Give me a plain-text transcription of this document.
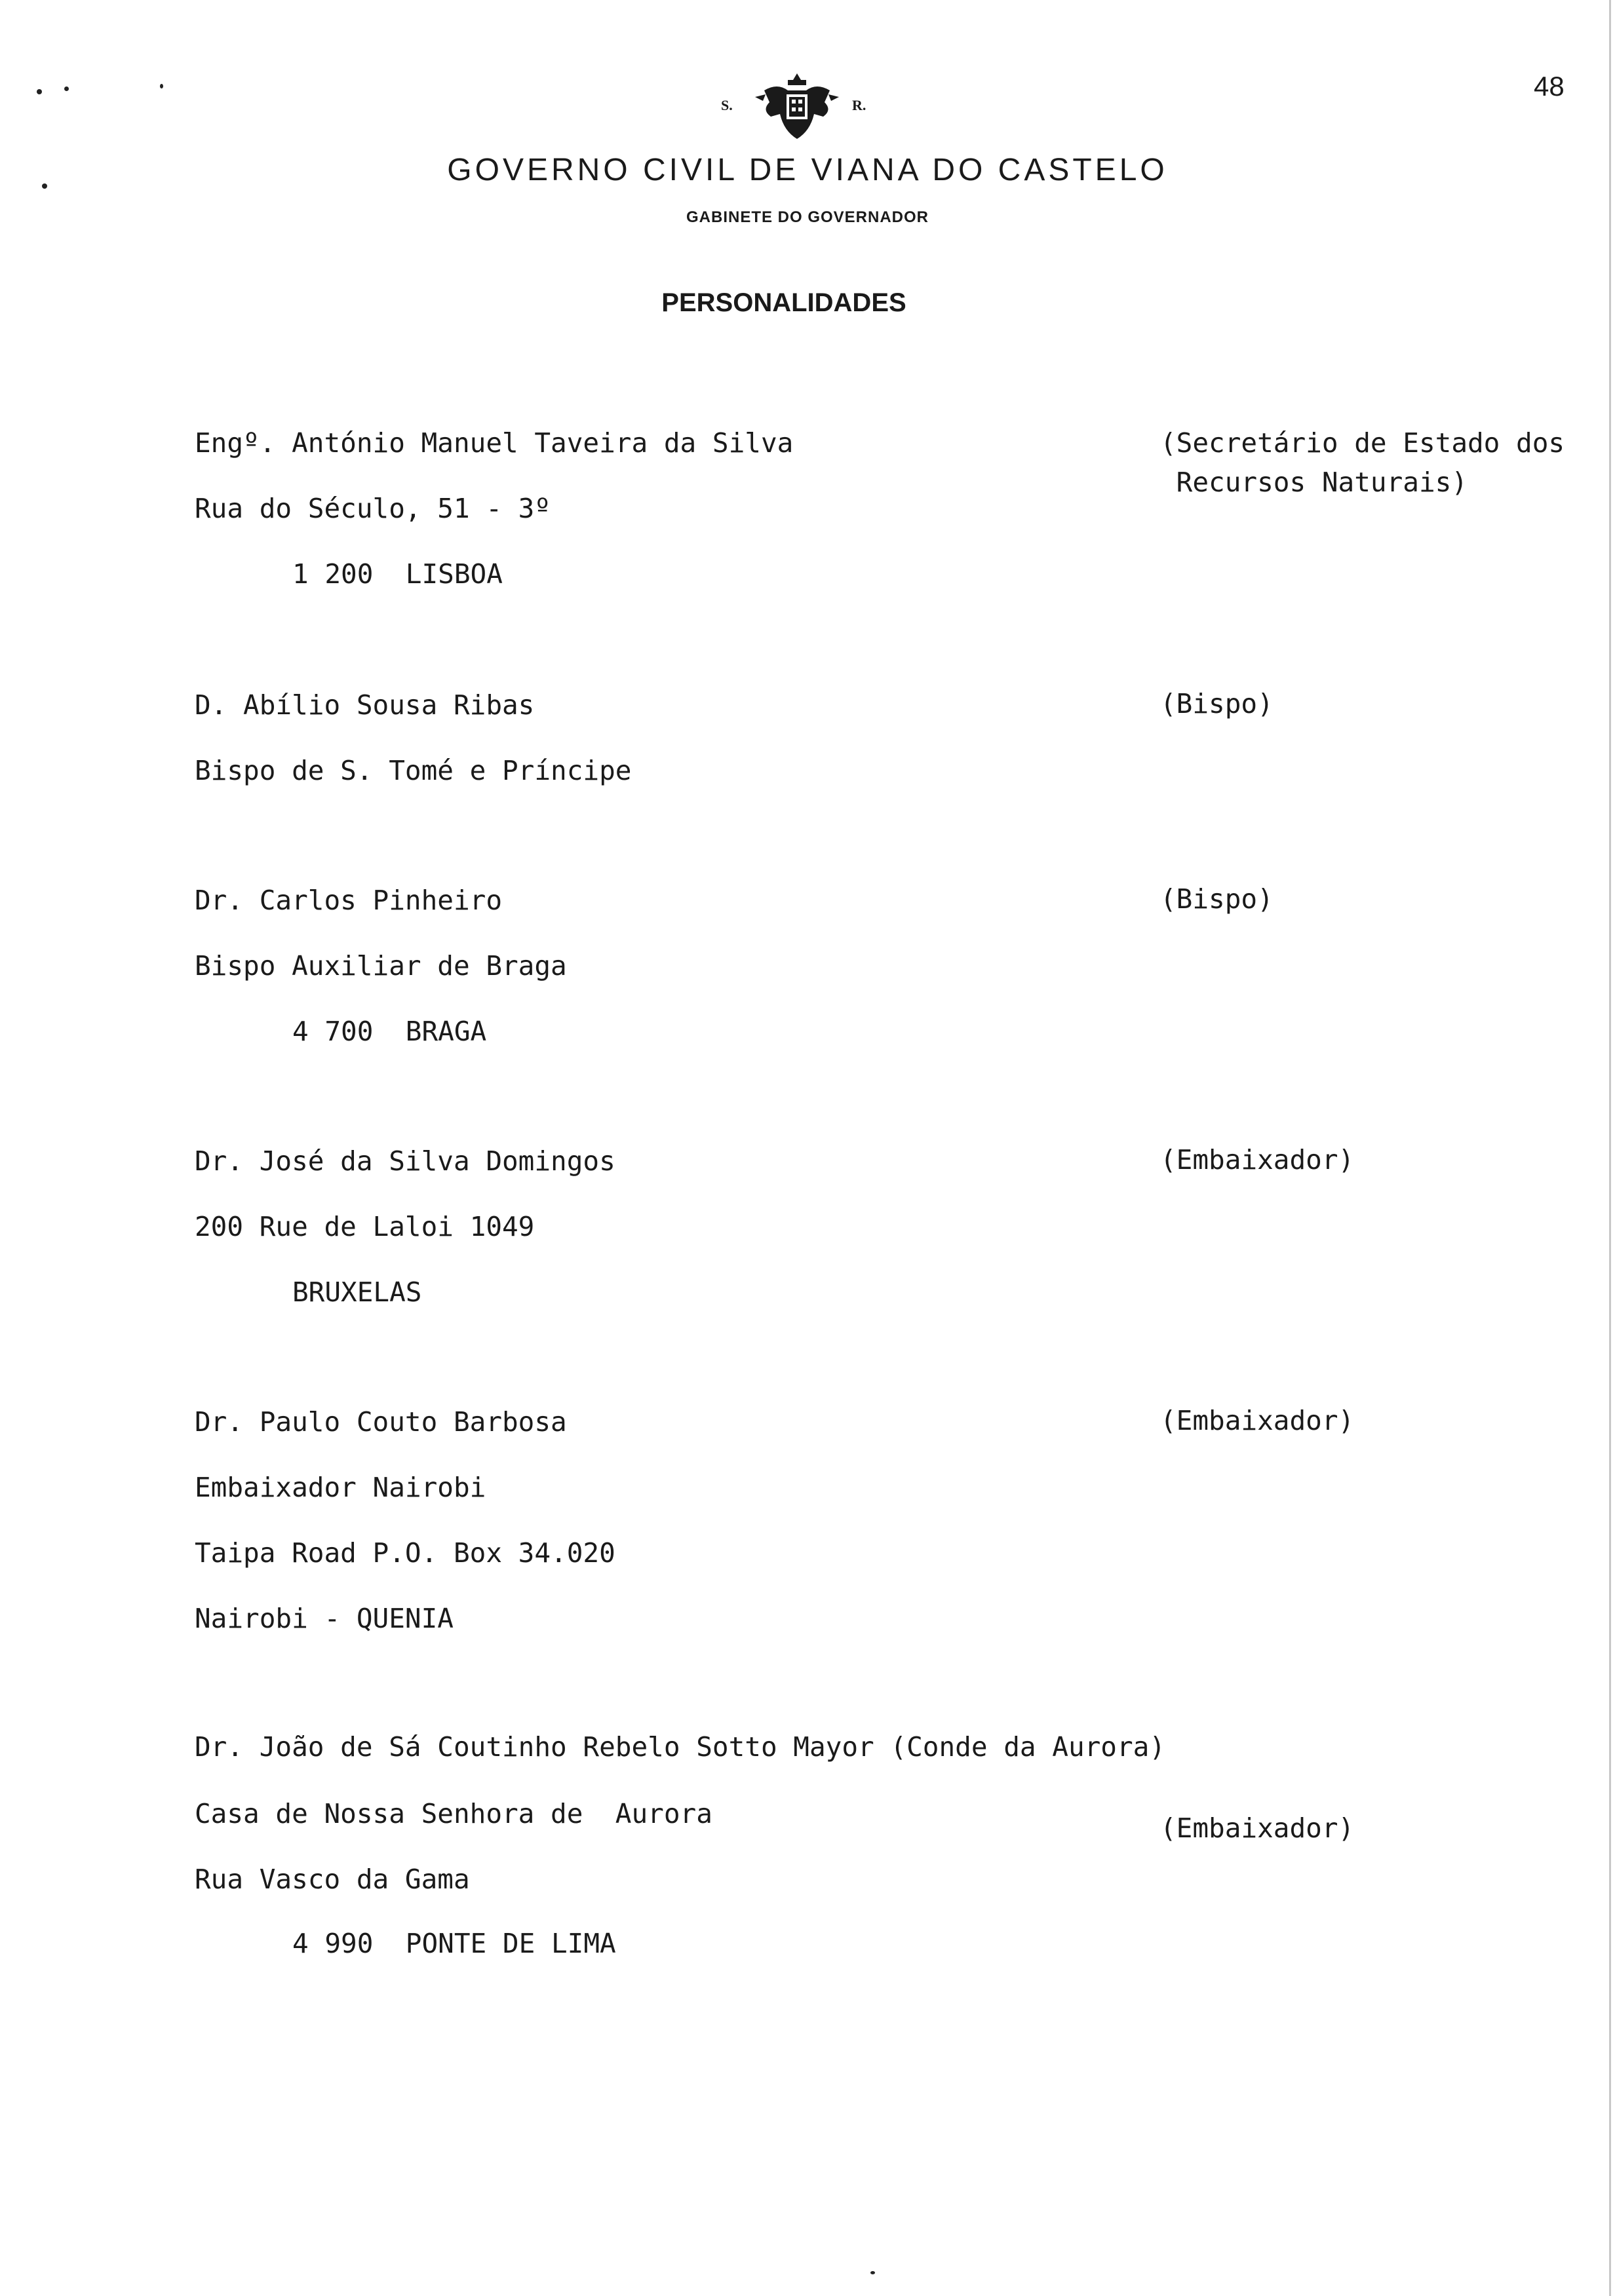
48
S.	R.
GOVERNO CIVIL DE VIANA DO CASTELO
GABINETE DO GOVERNADOR
PERSONALIDADES
Engº. António Manuel Taveira da Silva
Rua do Século, 51 - 3º
1 200  LISBOA
(Secretário de Estado dos
Recursos Naturais)
D. Abílio Sousa Ribas
Bispo de S. Tomé e Príncipe
(Bispo)
Dr. Carlos Pinheiro
Bispo Auxiliar de Braga
4 700  BRAGA
(Bispo)
Dr. José da Silva Domingos
200 Rue de Laloi 1049
BRUXELAS
(Embaixador)
Dr. Paulo Couto Barbosa
Embaixador Nairobi
Taipa Road P.O. Box 34.020
Nairobi - QUENIA
(Embaixador)
Dr. João de Sá Coutinho Rebelo Sotto Mayor (Conde da Aurora)
Casa de Nossa Senhora de  Aurora
Rua Vasco da Gama
4 990  PONTE DE LIMA
(Embaixador)
